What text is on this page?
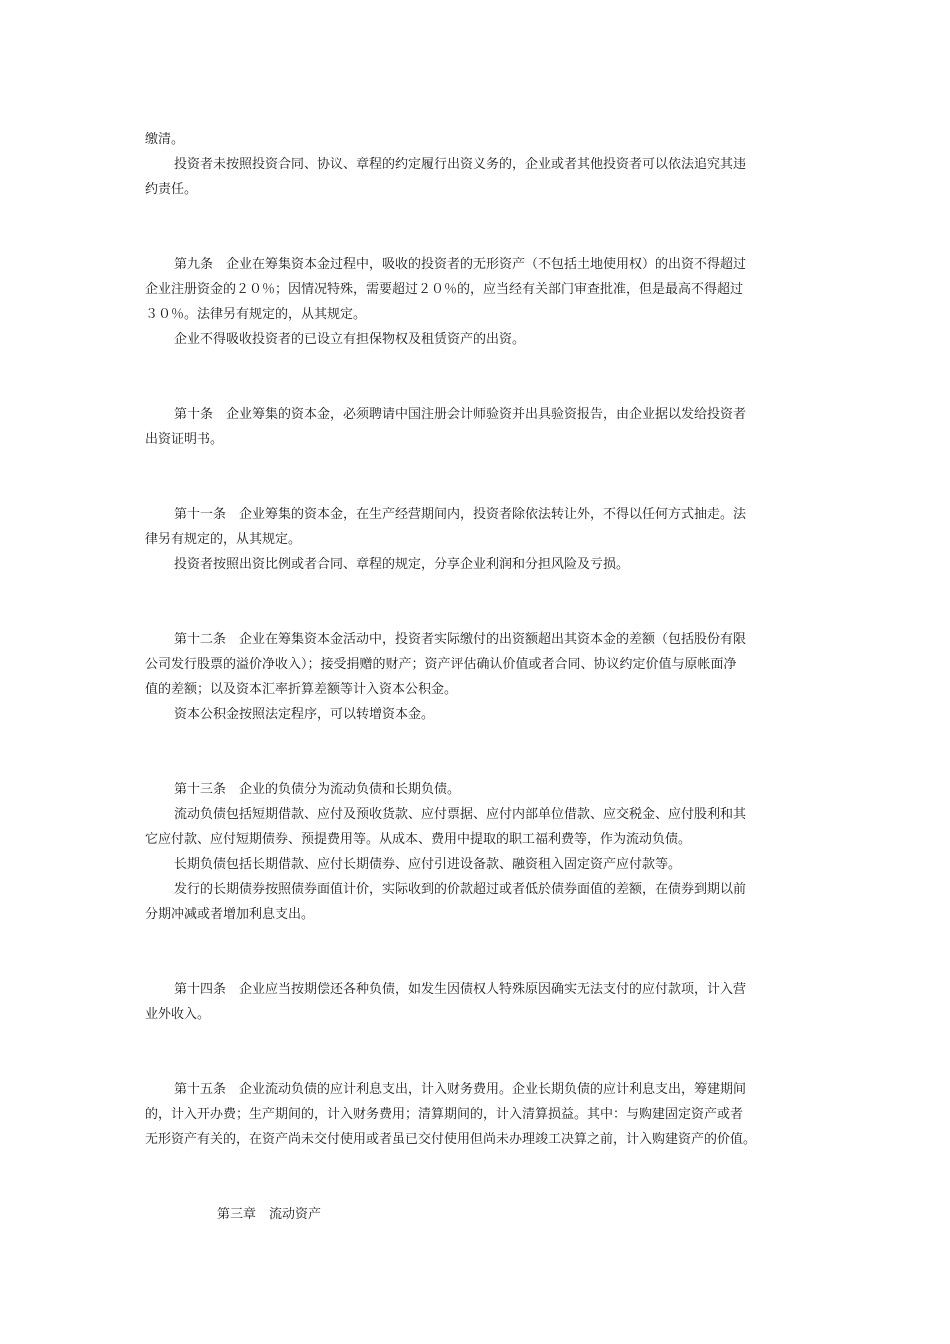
缴清。
投资者未按照投资合同、协议、章程的约定履行出资义务的，企业或者其他投资者可以依法追究其违
约责任。
第九条　企业在筹集资本金过程中，吸收的投资者的无形资产（不包括土地使用权）的出资不得超过
企业注册资金的２０％；因情况特殊，需要超过２０％的，应当经有关部门审查批准，但是最高不得超过
３０％。法律另有规定的，从其规定。
企业不得吸收投资者的已设立有担保物权及租赁资产的出资。
第十条　企业筹集的资本金，必须聘请中国注册会计师验资并出具验资报告，由企业据以发给投资者
出资证明书。
第十一条　企业筹集的资本金，在生产经营期间内，投资者除依法转让外，不得以任何方式抽走。法
律另有规定的，从其规定。
投资者按照出资比例或者合同、章程的规定，分享企业利润和分担风险及亏损。
第十二条　企业在筹集资本金活动中，投资者实际缴付的出资额超出其资本金的差额（包括股份有限
公司发行股票的溢价净收入）；接受捐赠的财产；资产评估确认价值或者合同、协议约定价值与原帐面净
值的差额；以及资本汇率折算差额等计入资本公积金。
资本公积金按照法定程序，可以转增资本金。
第十三条　企业的负债分为流动负债和长期负债。
流动负债包括短期借款、应付及预收货款、应付票据、应付内部单位借款、应交税金、应付股利和其
它应付款、应付短期债券、预提费用等。从成本、费用中提取的职工福利费等，作为流动负债。
长期负债包括长期借款、应付长期债券、应付引进设备款、融资租入固定资产应付款等。
发行的长期债券按照债券面值计价，实际收到的价款超过或者低於债券面值的差额，在债券到期以前
分期冲减或者增加利息支出。
第十四条　企业应当按期偿还各种负债，如发生因债权人特殊原因确实无法支付的应付款项，计入营
业外收入。
第十五条　企业流动负债的应计利息支出，计入财务费用。企业长期负债的应计利息支出，筹建期间
的，计入开办费；生产期间的，计入财务费用；清算期间的，计入清算损益。其中：与购建固定资产或者
无形资产有关的，在资产尚未交付使用或者虽已交付使用但尚未办理竣工决算之前，计入购建资产的价值。
第三章　流动资产
